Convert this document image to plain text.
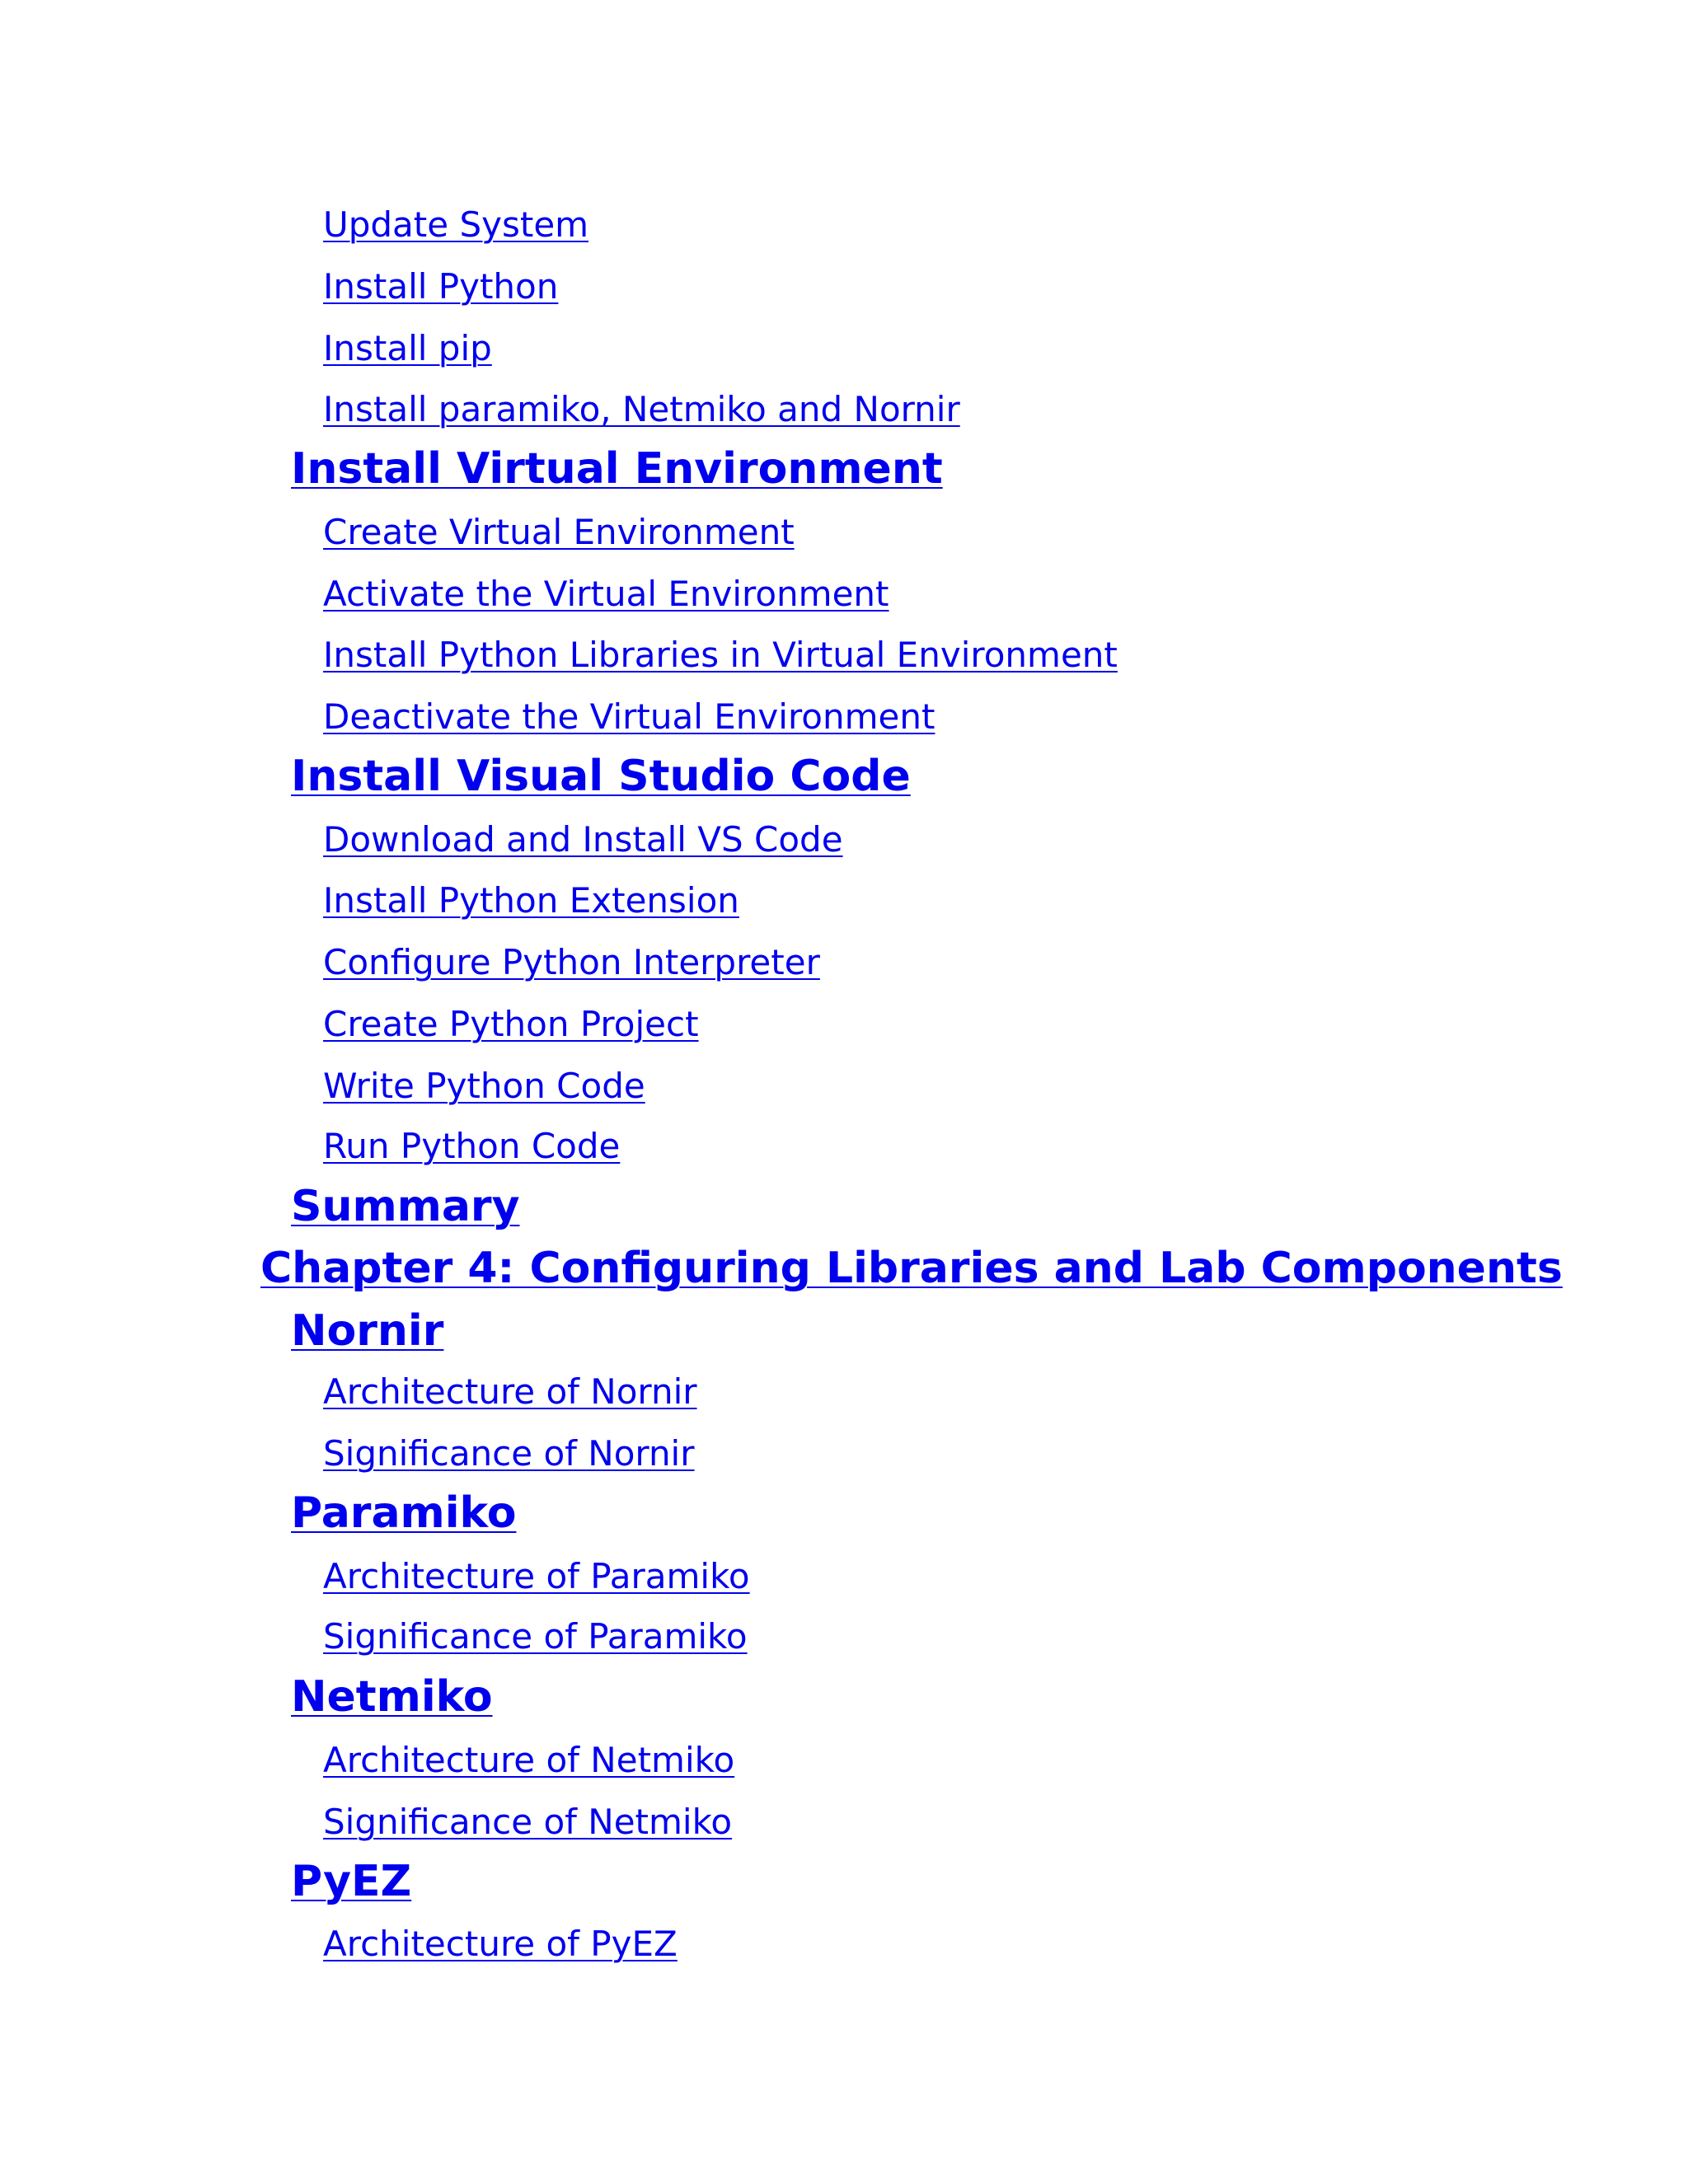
Update System
Install Python
Install pip
Install paramiko, Netmiko and Nornir
Install Virtual Environment
Create Virtual Environment
Activate the Virtual Environment
Install Python Libraries in Virtual Environment
Deactivate the Virtual Environment
Install Visual Studio Code
Download and Install VS Code
Install Python Extension
Configure Python Interpreter
Create Python Project
Write Python Code
Run Python Code
Summary
Chapter 4: Configuring Libraries and Lab Components
Nornir
Architecture of Nornir
Significance of Nornir
Paramiko
Architecture of Paramiko
Significance of Paramiko
Netmiko
Architecture of Netmiko
Significance of Netmiko
PyEZ
Architecture of PyEZ
